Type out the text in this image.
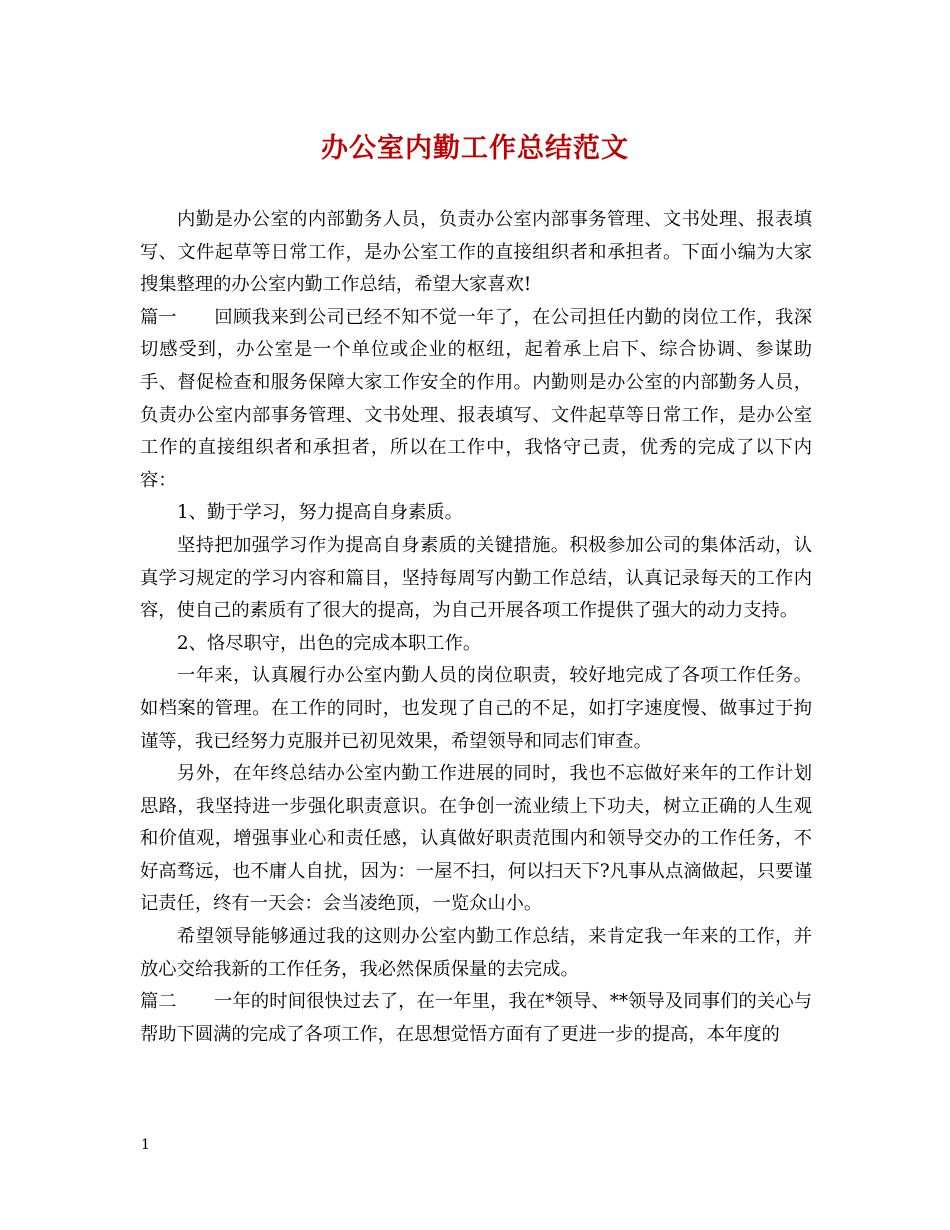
办公室内勤工作总结范文

内勤是办公室的内部勤务人员，负责办公室内部事务管理、文书处理、报表填写、文件起草等日常工作，是办公室工作的直接组织者和承担者。下面小编为大家搜集整理的办公室内勤工作总结，希望大家喜欢!

篇一 回顾我来到公司已经不知不觉一年了，在公司担任内勤的岗位工作，我深切感受到，办公室是一个单位或企业的枢纽，起着承上启下、综合协调、参谋助手、督促检查和服务保障大家工作安全的作用。内勤则是办公室的内部勤务人员，负责办公室内部事务管理、文书处理、报表填写、文件起草等日常工作，是办公室工作的直接组织者和承担者，所以在工作中，我恪守己责，优秀的完成了以下内容：

1、勤于学习，努力提高自身素质。

坚持把加强学习作为提高自身素质的关键措施。积极参加公司的集体活动，认真学习规定的学习内容和篇目，坚持每周写内勤工作总结，认真记录每天的工作内容，使自己的素质有了很大的提高，为自己开展各项工作提供了强大的动力支持。

2、恪尽职守，出色的完成本职工作。

一年来，认真履行办公室内勤人员的岗位职责，较好地完成了各项工作任务。如档案的管理。在工作的同时，也发现了自己的不足，如打字速度慢、做事过于拘谨等，我已经努力克服并已初见效果，希望领导和同志们审查。

另外，在年终总结办公室内勤工作进展的同时，我也不忘做好来年的工作计划思路，我坚持进一步强化职责意识。在争创一流业绩上下功夫，树立正确的人生观和价值观，增强事业心和责任感，认真做好职责范围内和领导交办的工作任务，不好高骛远，也不庸人自扰，因为：一屋不扫，何以扫天下?凡事从点滴做起，只要谨记责任，终有一天会：会当凌绝顶，一览众山小。

希望领导能够通过我的这则办公室内勤工作总结，来肯定我一年来的工作，并放心交给我新的工作任务，我必然保质保量的去完成。

篇二 一年的时间很快过去了，在一年里，我在*领导、**领导及同事们的关心与帮助下圆满的完成了各项工作，在思想觉悟方面有了更进一步的提高，本年度的

1
